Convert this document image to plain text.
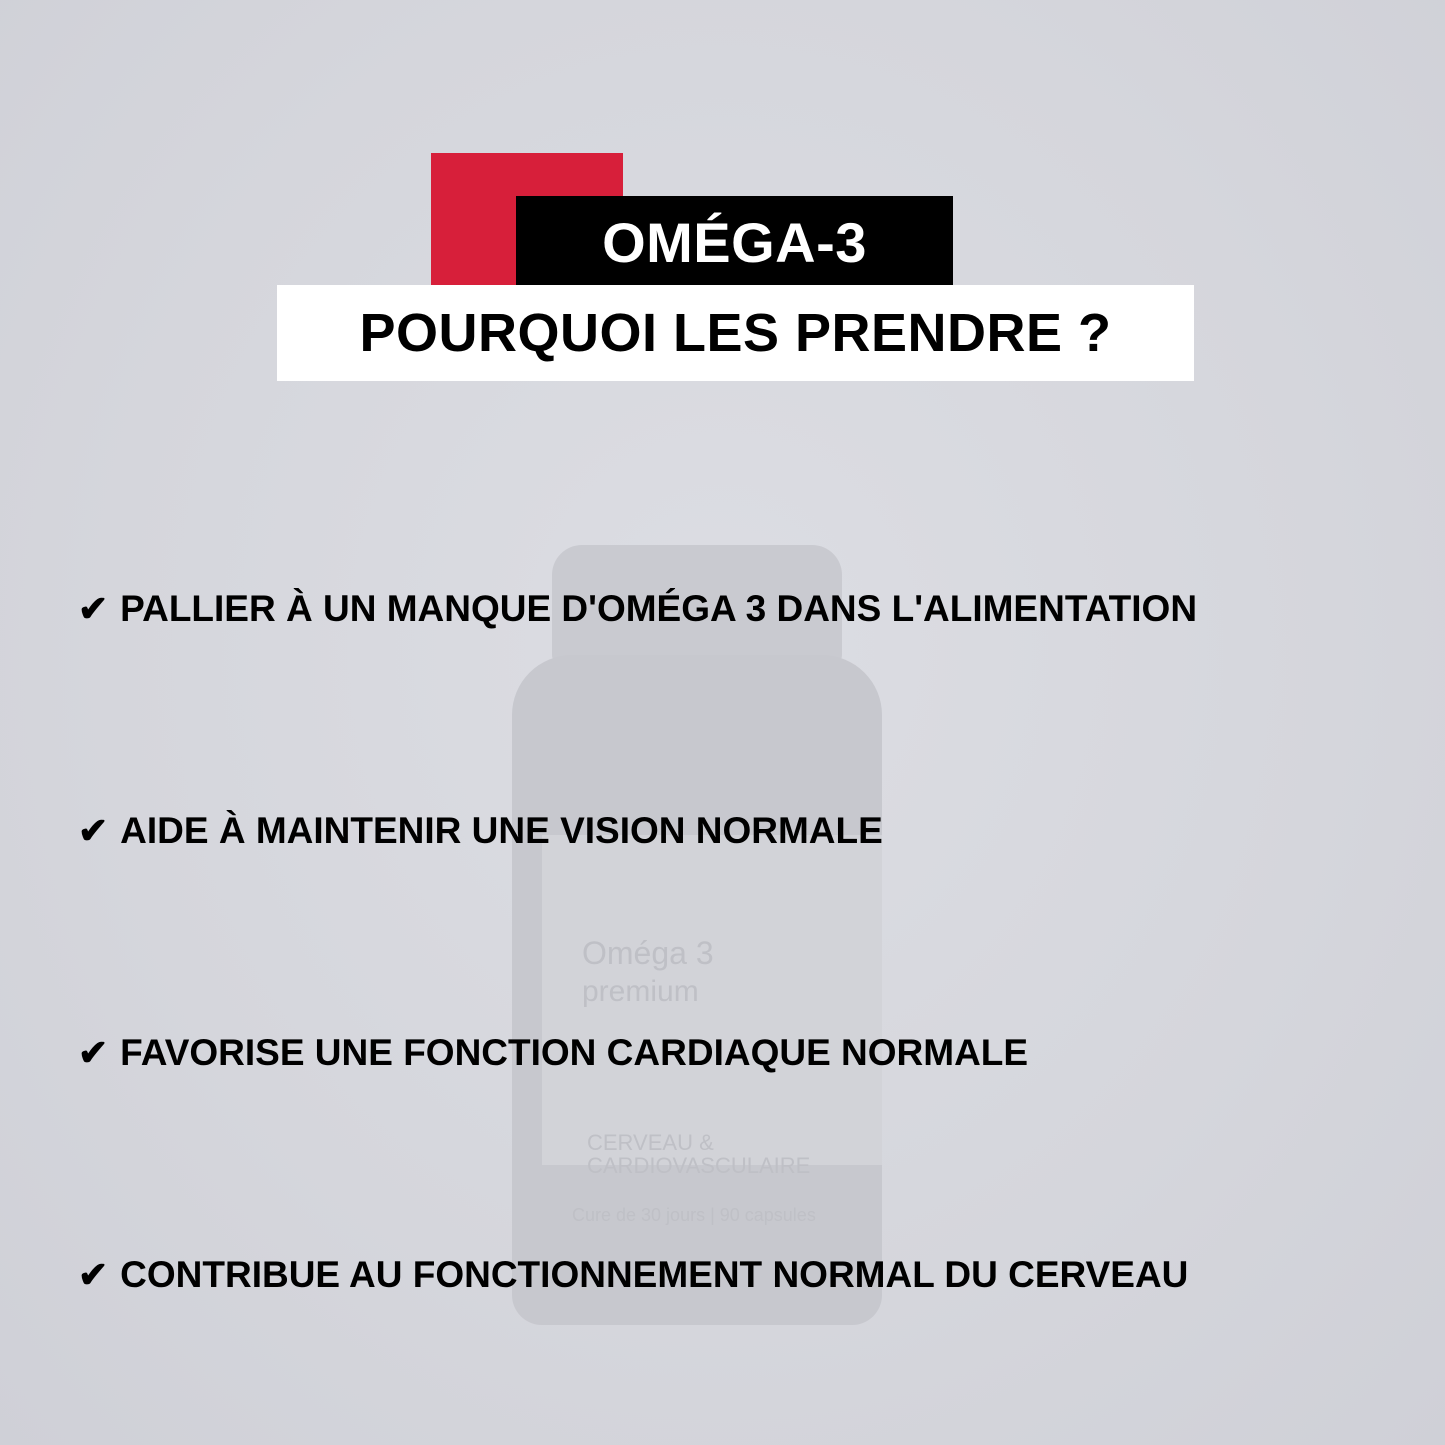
Oméga 3
premium
CERVEAU &
CARDIOVASCULAIRE
Cure de 30 jours | 90 capsules
OMÉGA-3
POURQUOI LES PRENDRE ?
✔ PALLIER À UN MANQUE D'OMÉGA 3 DANS L'ALIMENTATION
✔ AIDE À MAINTENIR UNE VISION NORMALE
✔ FAVORISE UNE FONCTION CARDIAQUE NORMALE
✔ CONTRIBUE AU FONCTIONNEMENT NORMAL DU CERVEAU
